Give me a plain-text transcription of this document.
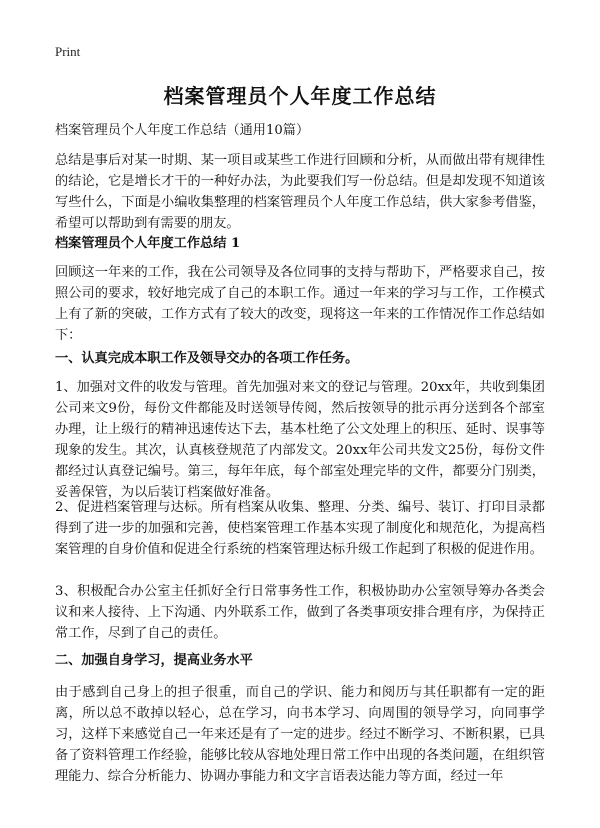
Print
档案管理员个人年度工作总结

档案管理员个人年度工作总结（通用10篇）

总结是事后对某一时期、某一项目或某些工作进行回顾和分析，从而做出带有规律性的结论，它是增长才干的一种好办法，为此要我们写一份总结。但是却发现不知道该写些什么，下面是小编收集整理的档案管理员个人年度工作总结，供大家参考借鉴，希望可以帮助到有需要的朋友。

档案管理员个人年度工作总结 1

回顾这一年来的工作，我在公司领导及各位同事的支持与帮助下，严格要求自己，按照公司的要求，较好地完成了自己的本职工作。通过一年来的学习与工作，工作模式上有了新的突破，工作方式有了较大的改变，现将这一年来的工作情况作工作总结如下：

一、认真完成本职工作及领导交办的各项工作任务。

1、加强对文件的收发与管理。首先加强对来文的登记与管理。20xx年，共收到集团公司来文9份，每份文件都能及时送领导传阅，然后按领导的批示再分送到各个部室办理，让上级行的精神迅速传达下去，基本杜绝了公文处理上的积压、延时、误事等现象的发生。其次，认真核登规范了内部发文。20xx年公司共发文25份，每份文件都经过认真登记编号。第三，每年年底，每个部室处理完毕的文件，都要分门别类，妥善保管，为以后装订档案做好准备。

2、促进档案管理与达标。所有档案从收集、整理、分类、编号、装订、打印目录都得到了进一步的加强和完善，使档案管理工作基本实现了制度化和规范化，为提高档案管理的自身价值和促进全行系统的档案管理达标升级工作起到了积极的促进作用。

3、积极配合办公室主任抓好全行日常事务性工作，积极协助办公室领导筹办各类会议和来人接待、上下沟通、内外联系工作，做到了各类事项安排合理有序，为保持正常工作，尽到了自己的责任。

二、加强自身学习，提高业务水平

由于感到自己身上的担子很重，而自己的学识、能力和阅历与其任职都有一定的距离，所以总不敢掉以轻心，总在学习，向书本学习、向周围的领导学习，向同事学习，这样下来感觉自己一年来还是有了一定的进步。经过不断学习、不断积累，已具备了资料管理工作经验，能够比较从容地处理日常工作中出现的各类问题，在组织管理能力、综合分析能力、协调办事能力和文字言语表达能力等方面，经过一年
